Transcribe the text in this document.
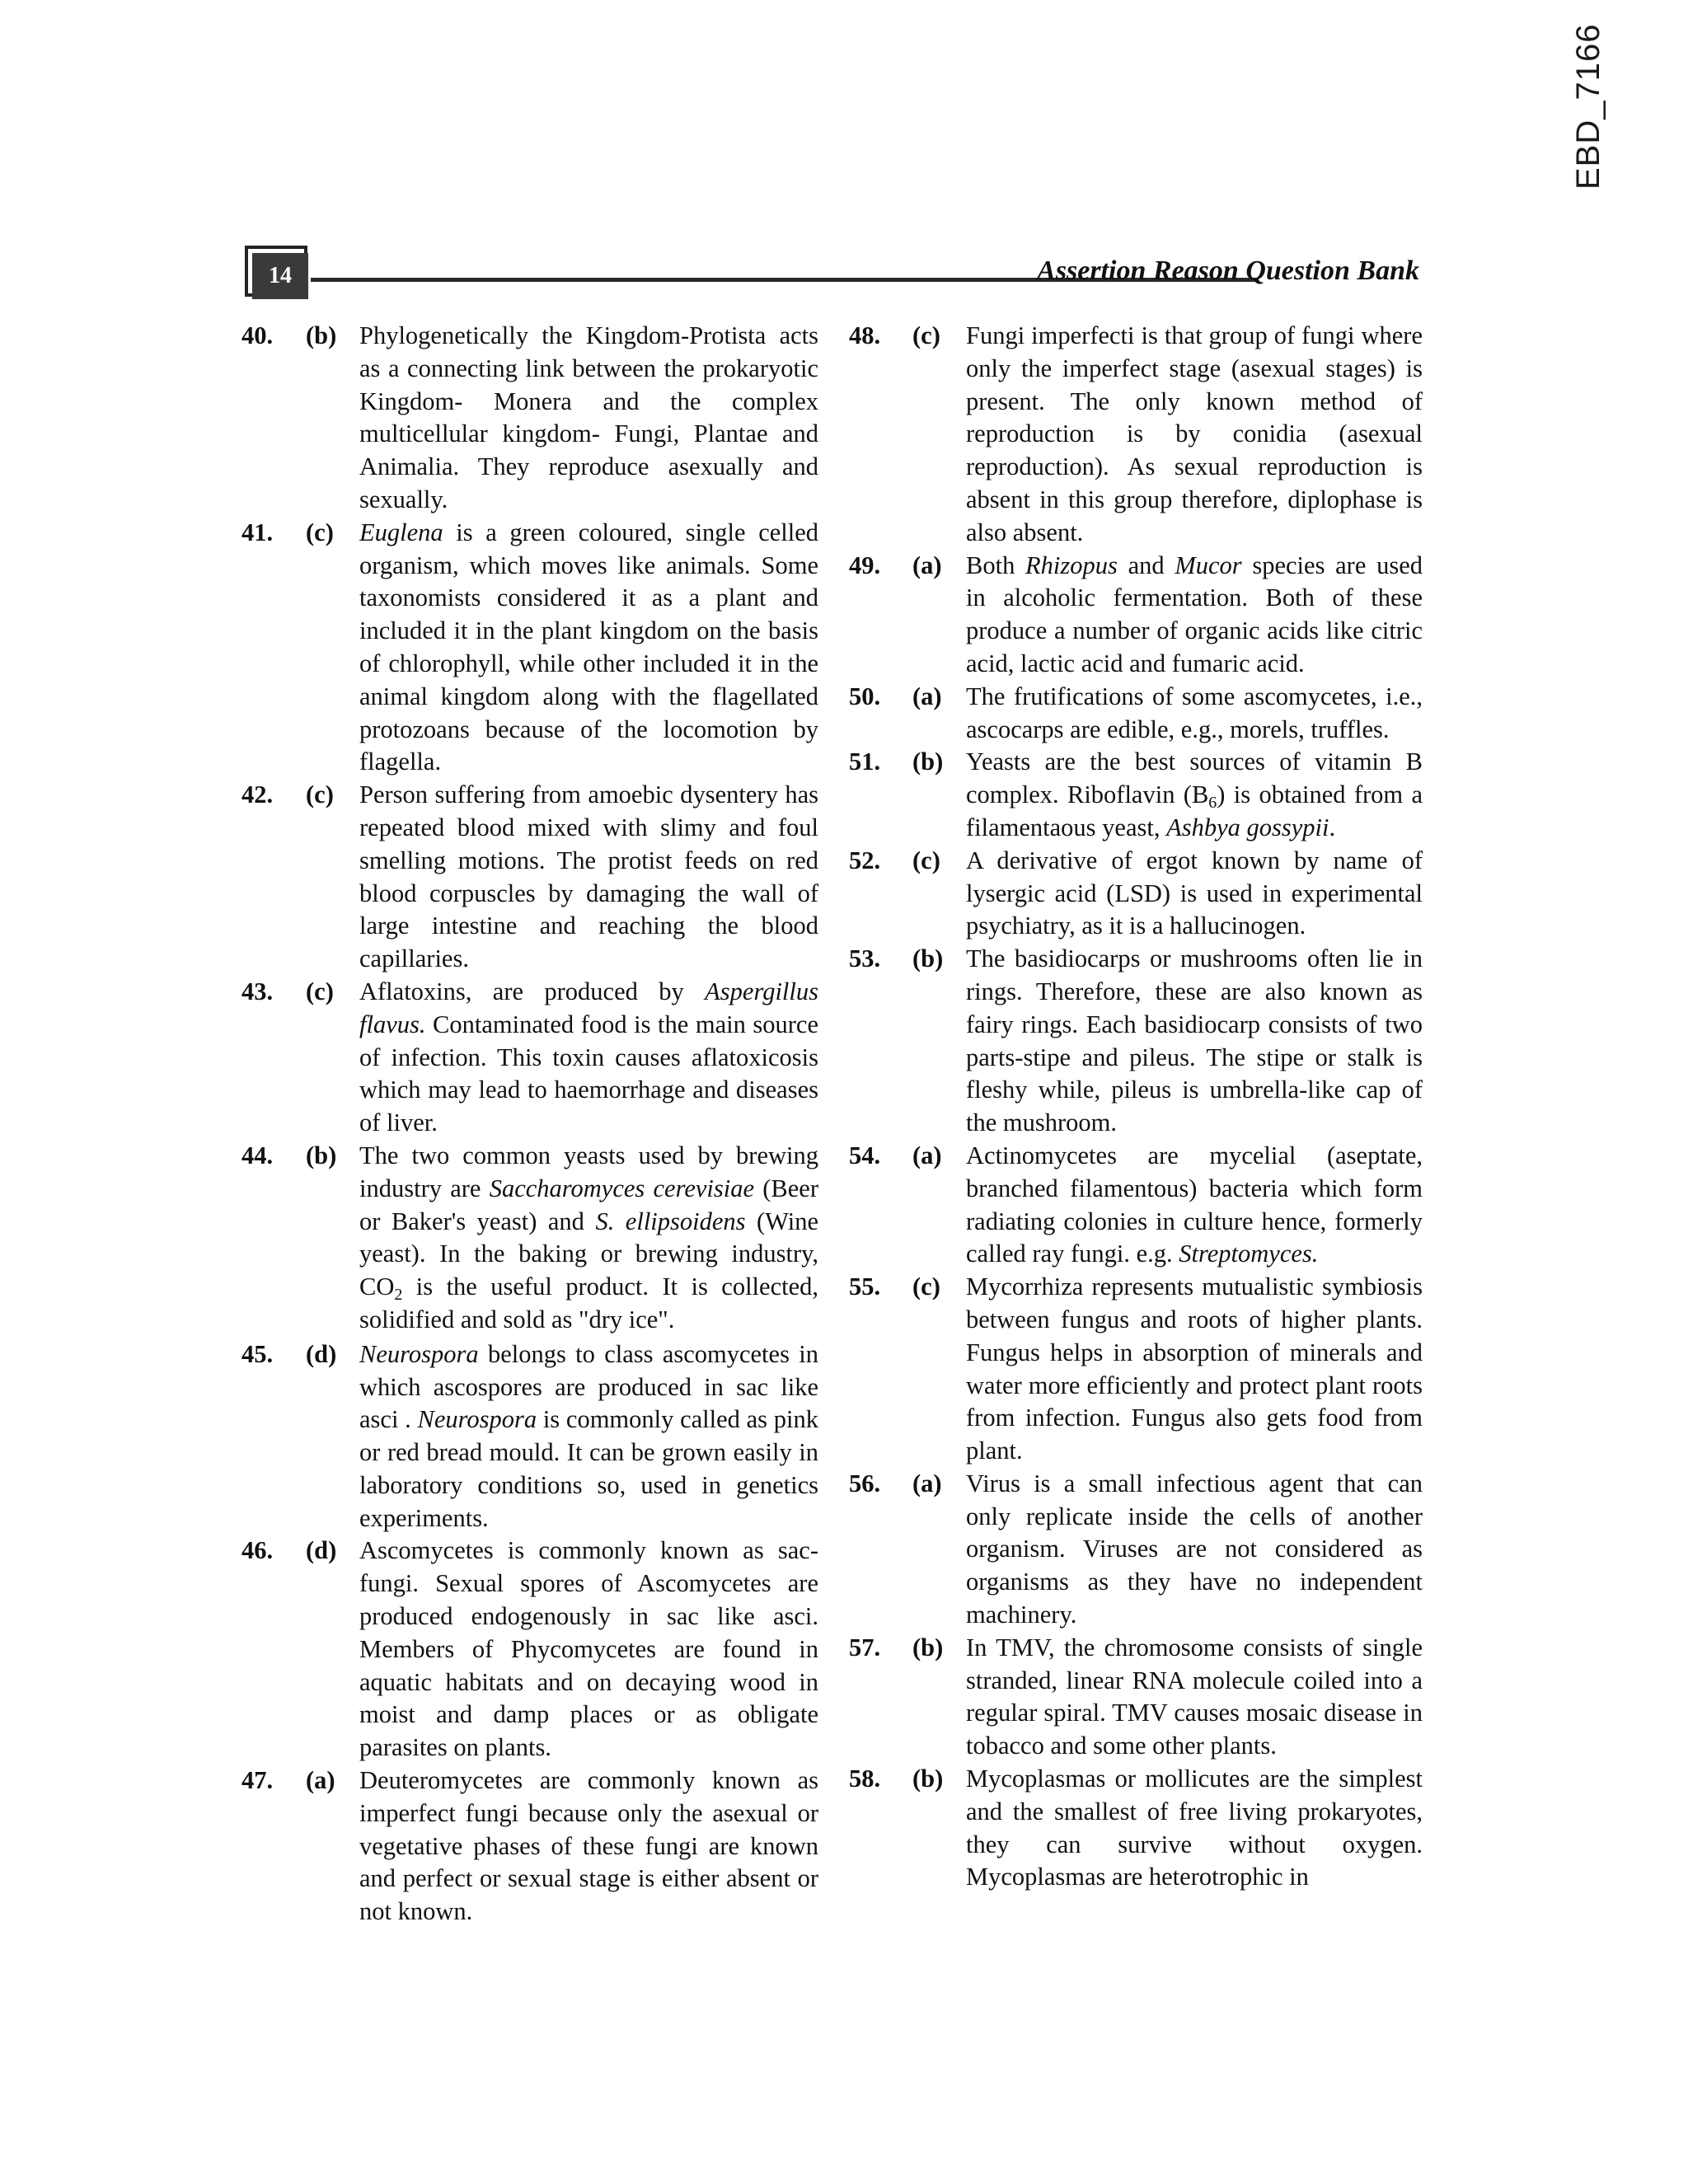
EBD_7166
14	Assertion Reason Question Bank
40. (b) Phylogenetically the Kingdom-Protista acts as a connecting link between the prokaryotic Kingdom- Monera and the complex multicellular kingdom- Fungi, Plantae and Animalia. They reproduce asexually and sexually.

41. (c) Euglena is a green coloured, single celled organism, which moves like animals. Some taxonomists considered it as a plant and included it in the plant kingdom on the basis of chlorophyll, while other included it in the animal kingdom along with the flagellated protozoans because of the locomotion by flagella.

42. (c) Person suffering from amoebic dysentery has repeated blood mixed with slimy and foul smelling motions. The protist feeds on red blood corpuscles by damaging the wall of large intestine and reaching the blood capillaries.

43. (c) Aflatoxins, are produced by Aspergillus flavus. Contaminated food is the main source of infection. This toxin causes aflatoxicosis which may lead to haemorrhage and diseases of liver.

44. (b) The two common yeasts used by brewing industry are Saccharomyces cerevisiae (Beer or Baker's yeast) and S. ellipsoidens (Wine yeast). In the baking or brewing industry, $CO_2$ is the useful product. It is collected, solidified and sold as "dry ice".

45. (d) Neurospora belongs to class ascomycetes in which ascospores are produced in sac like asci . Neurospora is commonly called as pink or red bread mould. It can be grown easily in laboratory conditions so, used in genetics experiments.

46. (d) Ascomycetes is commonly known as sac-fungi. Sexual spores of Ascomycetes are produced endogenously in sac like asci. Members of Phycomycetes are found in aquatic habitats and on decaying wood in moist and damp places or as obligate parasites on plants.

47. (a) Deuteromycetes are commonly known as imperfect fungi because only the asexual or vegetative phases of these fungi are known and perfect or sexual stage is either absent or not known.

48. (c) Fungi imperfecti is that group of fungi where only the imperfect stage (asexual stages) is present. The only known method of reproduction is by conidia (asexual reproduction). As sexual reproduction is absent in this group therefore, diplophase is also absent.

49. (a) Both Rhizopus and Mucor species are used in alcoholic fermentation. Both of these produce a number of organic acids like citric acid, lactic acid and fumaric acid.

50. (a) The frutifications of some ascomycetes, i.e., ascocarps are edible, e.g., morels, truffles.

51. (b) Yeasts are the best sources of vitamin B complex. Riboflavin $(B_6)$ is obtained from a filamentaous yeast, Ashbya gossypii.

52. (c) A derivative of ergot known by name of lysergic acid (LSD) is used in experimental psychiatry, as it is a hallucinogen.

53. (b) The basidiocarps or mushrooms often lie in rings. Therefore, these are also known as fairy rings. Each basidiocarp consists of two parts-stipe and pileus. The stipe or stalk is fleshy while, pileus is umbrella-like cap of the mushroom.

54. (a) Actinomycetes are mycelial (aseptate, branched filamentous) bacteria which form radiating colonies in culture hence, formerly called ray fungi. e.g. Streptomyces.

55. (c) Mycorrhiza represents mutualistic symbiosis between fungus and roots of higher plants. Fungus helps in absorption of minerals and water more efficiently and protect plant roots from infection. Fungus also gets food from plant.

56. (a) Virus is a small infectious agent that can only replicate inside the cells of another organism. Viruses are not considered as organisms as they have no independent machinery.

57. (b) In TMV, the chromosome consists of single stranded, linear RNA molecule coiled into a regular spiral. TMV causes mosaic disease in tobacco and some other plants.

58. (b) Mycoplasmas or mollicutes are the simplest and the smallest of free living prokaryotes, they can survive without oxygen. Mycoplasmas are heterotrophic in
